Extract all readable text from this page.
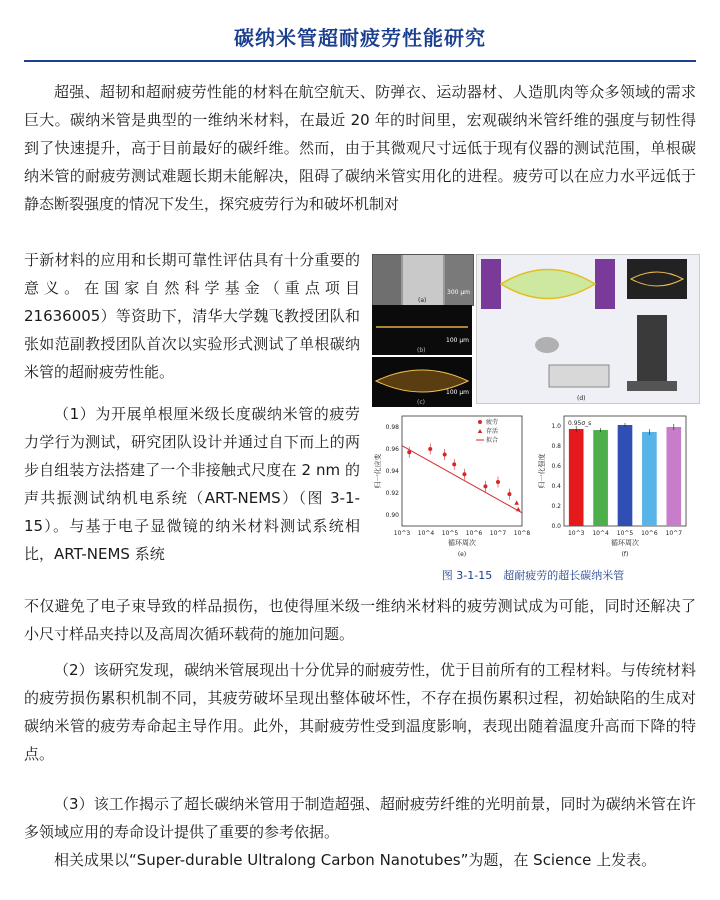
碳纳米管超耐疲劳性能研究

超强、超韧和超耐疲劳性能的材料在航空航天、防弹衣、运动器材、人造肌肉等众多领域的需求巨大。碳纳米管是典型的一维纳米材料，在最近 20 年的时间里，宏观碳纳米管纤维的强度与韧性得到了快速提升，高于目前最好的碳纤维。然而，由于其微观尺寸远低于现有仪器的测试范围，单根碳纳米管的耐疲劳测试难题长期未能解决，阻碍了碳纳米管实用化的进程。疲劳可以在应力水平远低于静态断裂强度的情况下发生，探究疲劳行为和破坏机制对

于新材料的应用和长期可靠性评估具有十分重要的意义。在国家自然科学基金（重点项目 21636005）等资助下，清华大学魏飞教授团队和张如范副教授团队首次以实验形式测试了单根碳纳米管的超耐疲劳性能。

（1）为开展单根厘米级长度碳纳米管的疲劳力学行为测试，研究团队设计并通过自下而上的两步自组装方法搭建了一个非接触式尺度在 2 nm 的声共振测试纳机电系统（ART-NEMS）（图 3-1-15）。与基于电子显微镜的纳米材料测试系统相比，ART-NEMS 系统

不仅避免了电子束导致的样品损伤，也使得厘米级一维纳米材料的疲劳测试成为可能，同时还解决了小尺寸样品夹持以及高周次循环载荷的施加问题。

（2）该研究发现，碳纳米管展现出十分优异的耐疲劳性，优于目前所有的工程材料。与传统材料的疲劳损伤累积机制不同，其疲劳破坏呈现出整体破坏性，不存在损伤累积过程，初始缺陷的生成对碳纳米管的疲劳寿命起主导作用。此外，其耐疲劳性受到温度影响，表现出随着温度升高而下降的特点。

（3）该工作揭示了超长碳纳米管用于制造超强、超耐疲劳纤维的光明前景，同时为碳纳米管在许多领域应用的寿命设计提供了重要的参考依据。

相关成果以“Super-durable Ultralong Carbon Nanotubes”为题，在 Science 上发表。

(a)
300 μm
(b)
100 μm
(c)
100 μm
(d)
10^3 10^4 10^5 10^6 10^7 10^8
0.90
0.92
0.94
0.96
0.98
循环周次
归一化应变
疲劳
存活
拟合
(e)
0.0
0.2
0.4
0.6
0.8
1.0
10^3 10^4 10^5 10^6 10^7
0.95σ_s
循环周次
归一化强度
(f)
图 3-1-15　超耐疲劳的超长碳纳米管
